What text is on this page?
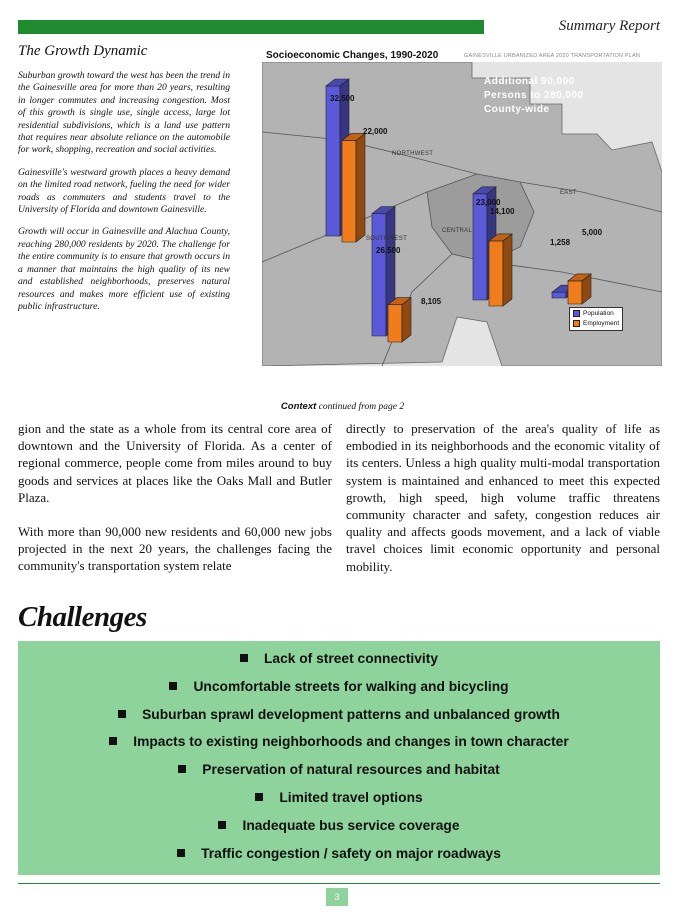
Summary Report
The Growth Dynamic

Suburban growth toward the west has been the trend in the Gainesville area for more than 20 years, resulting in longer commutes and increasing congestion. Most of this growth is single use, single access, large lot residential subdivisions, which is a land use pattern that requires near absolute reliance on the automobile for work, shopping, recreation and social activities.

Gainesville's westward growth places a heavy demand on the limited road network, fueling the need for wider roads as commuters and students travel to the University of Florida and downtown Gainesville.

Growth will occur in Gainesville and Alachua County, reaching 280,000 residents by 2020. The challenge for the entire community is to ensure that growth occurs in a manner that maintains the high quality of its new and established neighborhoods, preserves natural resources and makes more efficient use of existing public infrastructure.

Socioeconomic Changes, 1990-2020	GAINESVILLE URBANIZED AREA 2020 TRANSPORTATION PLAN
Additional 90,000 Persons to 280,000 County-wide
NORTHWEST
SOUTHWEST
CENTRAL
EAST
32,500
22,000
26,500
8,105
23,000
14,100
1,258
5,000
Population
Employment
Context continued from page 2

gion and the state as a whole from its central core area of downtown and the University of Florida. As a center of regional commerce, people come from miles around to buy goods and services at places like the Oaks Mall and Butler Plaza.

With more than 90,000 new residents and 60,000 new jobs projected in the next 20 years, the challenges facing the community's transportation system relate

directly to preservation of the area's quality of life as embodied in its neighborhoods and the economic vitality of its centers. Unless a high quality multi-modal transportation system is maintained and enhanced to meet this expected growth, high speed, high volume traffic threatens community character and safety, congestion reduces air quality and affects goods movement, and a lack of viable travel choices limit economic opportunity and personal mobility.

Challenges
Lack of street connectivity
Uncomfortable streets for walking and bicycling
Suburban sprawl development patterns and unbalanced growth
Impacts to existing neighborhoods and changes in town character
Preservation of natural resources and habitat
Limited travel options
Inadequate bus service coverage
Traffic congestion / safety on major roadways
3
